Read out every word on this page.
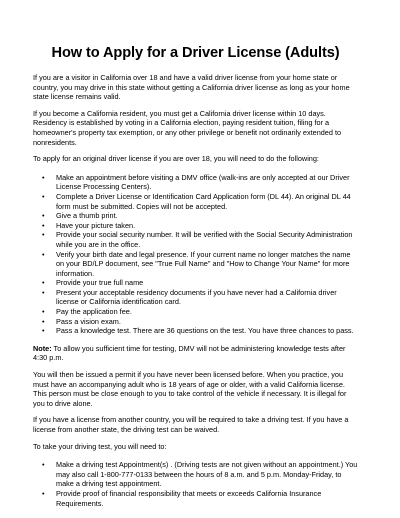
How to Apply for a Driver License (Adults)

If you are a visitor in California over 18 and have a valid driver license from your home state or country, you may drive in this state without getting a California driver license as long as your home state license remains valid.

If you become a California resident, you must get a California driver license within 10 days. Residency is established by voting in a California election, paying resident tuition, filing for a homeowner's property tax exemption, or any other privilege or benefit not ordinarily extended to nonresidents.

To apply for an original driver license if you are over 18, you will need to do the following:

• Make an appointment before visiting a DMV office (walk-ins are only accepted at our Driver License Processing Centers).
• Complete a Driver License or Identification Card Application form (DL 44). An original DL 44 form must be submitted. Copies will not be accepted.
• Give a thumb print.
• Have your picture taken.
• Provide your social security number. It will be verified with the Social Security Administration while you are in the office.
• Verify your birth date and legal presence. If your current name no longer matches the name on your BD/LP document, see "True Full Name" and "How to Change Your Name" for more information.
• Provide your true full name
• Present your acceptable residency documents if you have never had a California driver license or California identification card.
• Pay the application fee.
• Pass a vision exam.
• Pass a knowledge test. There are 36 questions on the test. You have three chances to pass.

Note: To allow you sufficient time for testing, DMV will not be administering knowledge tests after 4:30 p.m.

You will then be issued a permit if you have never been licensed before. When you practice, you must have an accompanying adult who is 18 years of age or older, with a valid California license. This person must be close enough to you to take control of the vehicle if necessary. It is illegal for you to drive alone.

If you have a license from another country, you will be required to take a driving test. If you have a license from another state, the driving test can be waived.

To take your driving test, you will need to:

• Make a driving test Appointment(s) . (Driving tests are not given without an appointment.) You may also call 1-800-777-0133 between the hours of 8 a.m. and 5 p.m. Monday-Friday, to make a driving test appointment.
• Provide proof of financial responsibility that meets or exceeds California Insurance Requirements.
